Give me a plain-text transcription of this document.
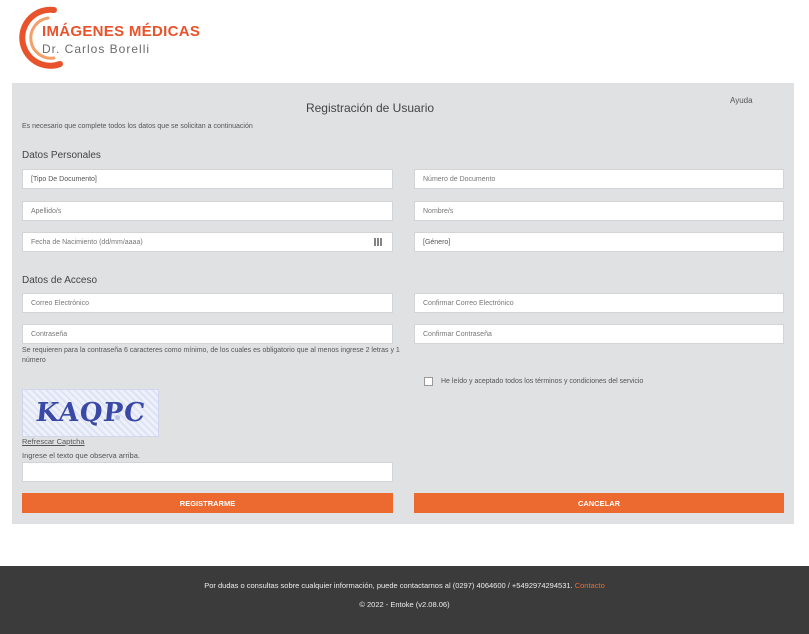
IMÁGENES MÉDICAS
Dr. Carlos Borelli
Ayuda
Registración de Usuario
Es necesario que complete todos los datos que se solicitan a continuación
Datos Personales
[Tipo De Documento]	Número de Documento
Apellido/s	Nombre/s
Fecha de Nacimiento (dd/mm/aaaa)	[Género]
Datos de Acceso
Correo Electrónico	Confirmar Correo Electrónico
Contraseña	Confirmar Contraseña
Se requieren para la contraseña 6 caracteres como mínimo, de los cuales es obligatorio que al menos ingrese 2 letras y 1 número
He leído y aceptado todos los términos y condiciones del servicio
KAQPC
Refrescar Captcha
Ingrese el texto que observa arriba.
REGISTRARME	CANCELAR
Por dudas o consultas sobre cualquier información, puede contactarnos al (0297) 4064600 / +5492974294531. Contacto
© 2022 - Entoke (v2.08.06)
